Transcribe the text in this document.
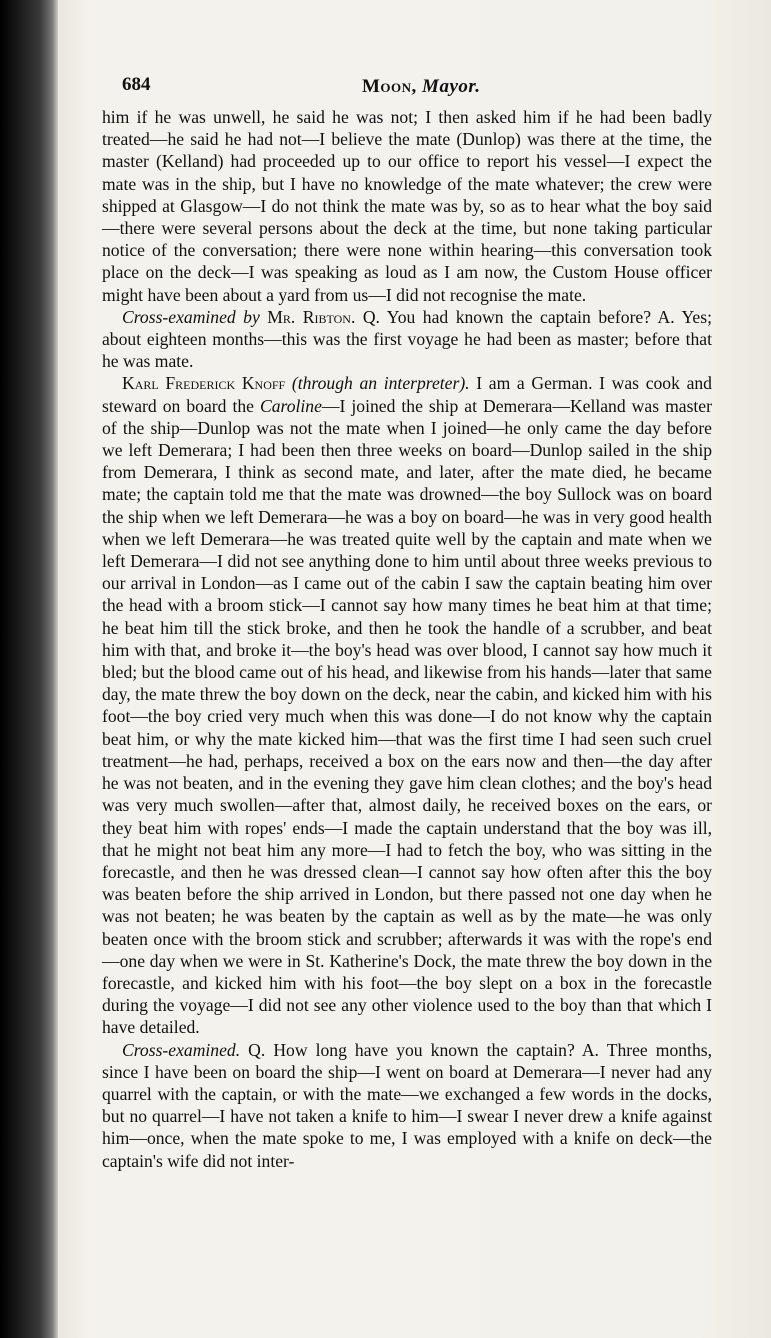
684	Moon, Mayor.

him if he was unwell, he said he was not; I then asked him if he had been badly treated—he said he had not—I believe the mate (Dunlop) was there at the time, the master (Kelland) had proceeded up to our office to report his vessel—I expect the mate was in the ship, but I have no knowledge of the mate whatever; the crew were shipped at Glasgow—I do not think the mate was by, so as to hear what the boy said—there were several persons about the deck at the time, but none taking particular notice of the conversation; there were none within hearing—this conversation took place on the deck—I was speaking as loud as I am now, the Custom House officer might have been about a yard from us—I did not recognise the mate.

Cross-examined by Mr. Ribton. Q. You had known the captain before? A. Yes; about eighteen months—this was the first voyage he had been as master; before that he was mate.

Karl Frederick Knoff (through an interpreter). I am a German. I was cook and steward on board the Caroline—I joined the ship at Demerara—Kelland was master of the ship—Dunlop was not the mate when I joined—he only came the day before we left Demerara; I had been then three weeks on board—Dunlop sailed in the ship from Demerara, I think as second mate, and later, after the mate died, he became mate; the captain told me that the mate was drowned—the boy Sullock was on board the ship when we left Demerara—he was a boy on board—he was in very good health when we left Demerara—he was treated quite well by the captain and mate when we left Demerara—I did not see anything done to him until about three weeks previous to our arrival in London—as I came out of the cabin I saw the captain beating him over the head with a broom stick—I cannot say how many times he beat him at that time; he beat him till the stick broke, and then he took the handle of a scrubber, and beat him with that, and broke it—the boy's head was over blood, I cannot say how much it bled; but the blood came out of his head, and likewise from his hands—later that same day, the mate threw the boy down on the deck, near the cabin, and kicked him with his foot—the boy cried very much when this was done—I do not know why the captain beat him, or why the mate kicked him—that was the first time I had seen such cruel treatment—he had, perhaps, received a box on the ears now and then—the day after he was not beaten, and in the evening they gave him clean clothes; and the boy's head was very much swollen—after that, almost daily, he received boxes on the ears, or they beat him with ropes' ends—I made the captain understand that the boy was ill, that he might not beat him any more—I had to fetch the boy, who was sitting in the forecastle, and then he was dressed clean—I cannot say how often after this the boy was beaten before the ship arrived in London, but there passed not one day when he was not beaten; he was beaten by the captain as well as by the mate—he was only beaten once with the broom stick and scrubber; afterwards it was with the rope's end—one day when we were in St. Katherine's Dock, the mate threw the boy down in the forecastle, and kicked him with his foot—the boy slept on a box in the forecastle during the voyage—I did not see any other violence used to the boy than that which I have detailed.

Cross-examined. Q. How long have you known the captain? A. Three months, since I have been on board the ship—I went on board at Demerara—I never had any quarrel with the captain, or with the mate—we exchanged a few words in the docks, but no quarrel—I have not taken a knife to him—I swear I never drew a knife against him—once, when the mate spoke to me, I was employed with a knife on deck—the captain's wife did not inter-
